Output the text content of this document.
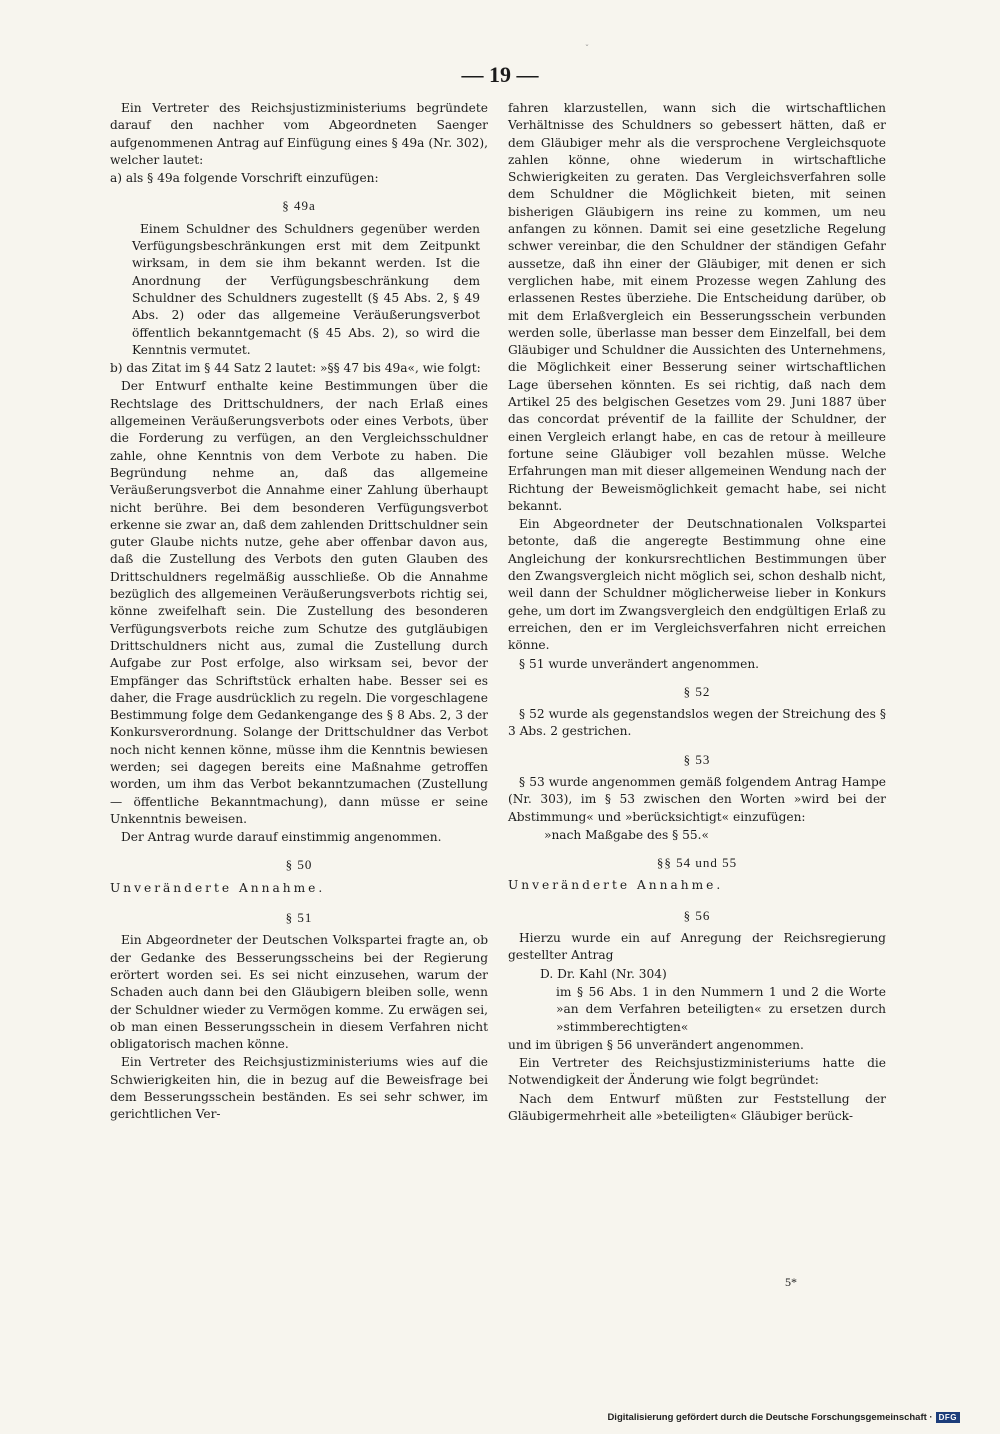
˘
— 19 —

Ein Vertreter des Reichsjustizministeriums begründete darauf den nachher vom Abgeordneten Saenger aufgenommenen Antrag auf Einfügung eines § 49a (Nr. 302), welcher lautet:

a) als § 49a folgende Vorschrift einzufügen:

§ 49a

Einem Schuldner des Schuldners gegenüber werden Verfügungsbeschränkungen erst mit dem Zeitpunkt wirksam, in dem sie ihm bekannt werden. Ist die Anordnung der Verfügungsbeschränkung dem Schuldner des Schuldners zugestellt (§ 45 Abs. 2, § 49 Abs. 2) oder das allgemeine Veräußerungsverbot öffentlich bekanntgemacht (§ 45 Abs. 2), so wird die Kenntnis vermutet.

b) das Zitat im § 44 Satz 2 lautet: »§§ 47 bis 49a«, wie folgt:

Der Entwurf enthalte keine Bestimmungen über die Rechtslage des Drittschuldners, der nach Erlaß eines allgemeinen Veräußerungsverbots oder eines Verbots, über die Forderung zu verfügen, an den Vergleichsschuldner zahle, ohne Kenntnis von dem Verbote zu haben. Die Begründung nehme an, daß das allgemeine Veräußerungsverbot die Annahme einer Zahlung überhaupt nicht berühre. Bei dem besonderen Verfügungsverbot erkenne sie zwar an, daß dem zahlenden Drittschuldner sein guter Glaube nichts nutze, gehe aber offenbar davon aus, daß die Zustellung des Verbots den guten Glauben des Drittschuldners regelmäßig ausschließe. Ob die Annahme bezüglich des allgemeinen Veräußerungsverbots richtig sei, könne zweifelhaft sein. Die Zustellung des besonderen Verfügungsverbots reiche zum Schutze des gutgläubigen Drittschuldners nicht aus, zumal die Zustellung durch Aufgabe zur Post erfolge, also wirksam sei, bevor der Empfänger das Schriftstück erhalten habe. Besser sei es daher, die Frage ausdrücklich zu regeln. Die vorgeschlagene Bestimmung folge dem Gedankengange des § 8 Abs. 2, 3 der Konkursverordnung. Solange der Drittschuldner das Verbot noch nicht kennen könne, müsse ihm die Kenntnis bewiesen werden; sei dagegen bereits eine Maßnahme getroffen worden, um ihm das Verbot bekanntzumachen (Zustellung — öffentliche Bekanntmachung), dann müsse er seine Unkenntnis beweisen.

Der Antrag wurde darauf einstimmig angenommen.

§ 50

Unveränderte Annahme.

§ 51

Ein Abgeordneter der Deutschen Volkspartei fragte an, ob der Gedanke des Besserungsscheins bei der Regierung erörtert worden sei. Es sei nicht einzusehen, warum der Schaden auch dann bei den Gläubigern bleiben solle, wenn der Schuldner wieder zu Vermögen komme. Zu erwägen sei, ob man einen Besserungsschein in diesem Verfahren nicht obligatorisch machen könne.

Ein Vertreter des Reichsjustizministeriums wies auf die Schwierigkeiten hin, die in bezug auf die Beweisfrage bei dem Besserungsschein beständen. Es sei sehr schwer, im gerichtlichen Ver-

fahren klarzustellen, wann sich die wirtschaftlichen Verhältnisse des Schuldners so gebessert hätten, daß er dem Gläubiger mehr als die versprochene Vergleichsquote zahlen könne, ohne wiederum in wirtschaftliche Schwierigkeiten zu geraten. Das Vergleichsverfahren solle dem Schuldner die Möglichkeit bieten, mit seinen bisherigen Gläubigern ins reine zu kommen, um neu anfangen zu können. Damit sei eine gesetzliche Regelung schwer vereinbar, die den Schuldner der ständigen Gefahr aussetze, daß ihn einer der Gläubiger, mit denen er sich verglichen habe, mit einem Prozesse wegen Zahlung des erlassenen Restes überziehe. Die Entscheidung darüber, ob mit dem Erlaßvergleich ein Besserungsschein verbunden werden solle, überlasse man besser dem Einzelfall, bei dem Gläubiger und Schuldner die Aussichten des Unternehmens, die Möglichkeit einer Besserung seiner wirtschaftlichen Lage übersehen könnten. Es sei richtig, daß nach dem Artikel 25 des belgischen Gesetzes vom 29. Juni 1887 über das concordat préventif de la faillite der Schuldner, der einen Vergleich erlangt habe, en cas de retour à meilleure fortune seine Gläubiger voll bezahlen müsse. Welche Erfahrungen man mit dieser allgemeinen Wendung nach der Richtung der Beweismöglichkeit gemacht habe, sei nicht bekannt.

Ein Abgeordneter der Deutschnationalen Volkspartei betonte, daß die angeregte Bestimmung ohne eine Angleichung der konkursrechtlichen Bestimmungen über den Zwangsvergleich nicht möglich sei, schon deshalb nicht, weil dann der Schuldner möglicherweise lieber in Konkurs gehe, um dort im Zwangsvergleich den endgültigen Erlaß zu erreichen, den er im Vergleichsverfahren nicht erreichen könne.

§ 51 wurde unverändert angenommen.

§ 52

§ 52 wurde als gegenstandslos wegen der Streichung des § 3 Abs. 2 gestrichen.

§ 53

§ 53 wurde angenommen gemäß folgendem Antrag Hampe (Nr. 303), im § 53 zwischen den Worten »wird bei der Abstimmung« und »berücksichtigt« einzufügen:

»nach Maßgabe des § 55.«

§§ 54 und 55

Unveränderte Annahme.

§ 56

Hierzu wurde ein auf Anregung der Reichsregierung gestellter Antrag

D. Dr. Kahl (Nr. 304)

im § 56 Abs. 1 in den Nummern 1 und 2 die Worte »an dem Verfahren beteiligten« zu ersetzen durch »stimmberechtigten«

und im übrigen § 56 unverändert angenommen.

Ein Vertreter des Reichsjustizministeriums hatte die Notwendigkeit der Änderung wie folgt begründet:

Nach dem Entwurf müßten zur Feststellung der Gläubigermehrheit alle »beteiligten« Gläubiger berück-

5*
Digitalisierung gefördert durch die Deutsche Forschungsgemeinschaft · DFG
